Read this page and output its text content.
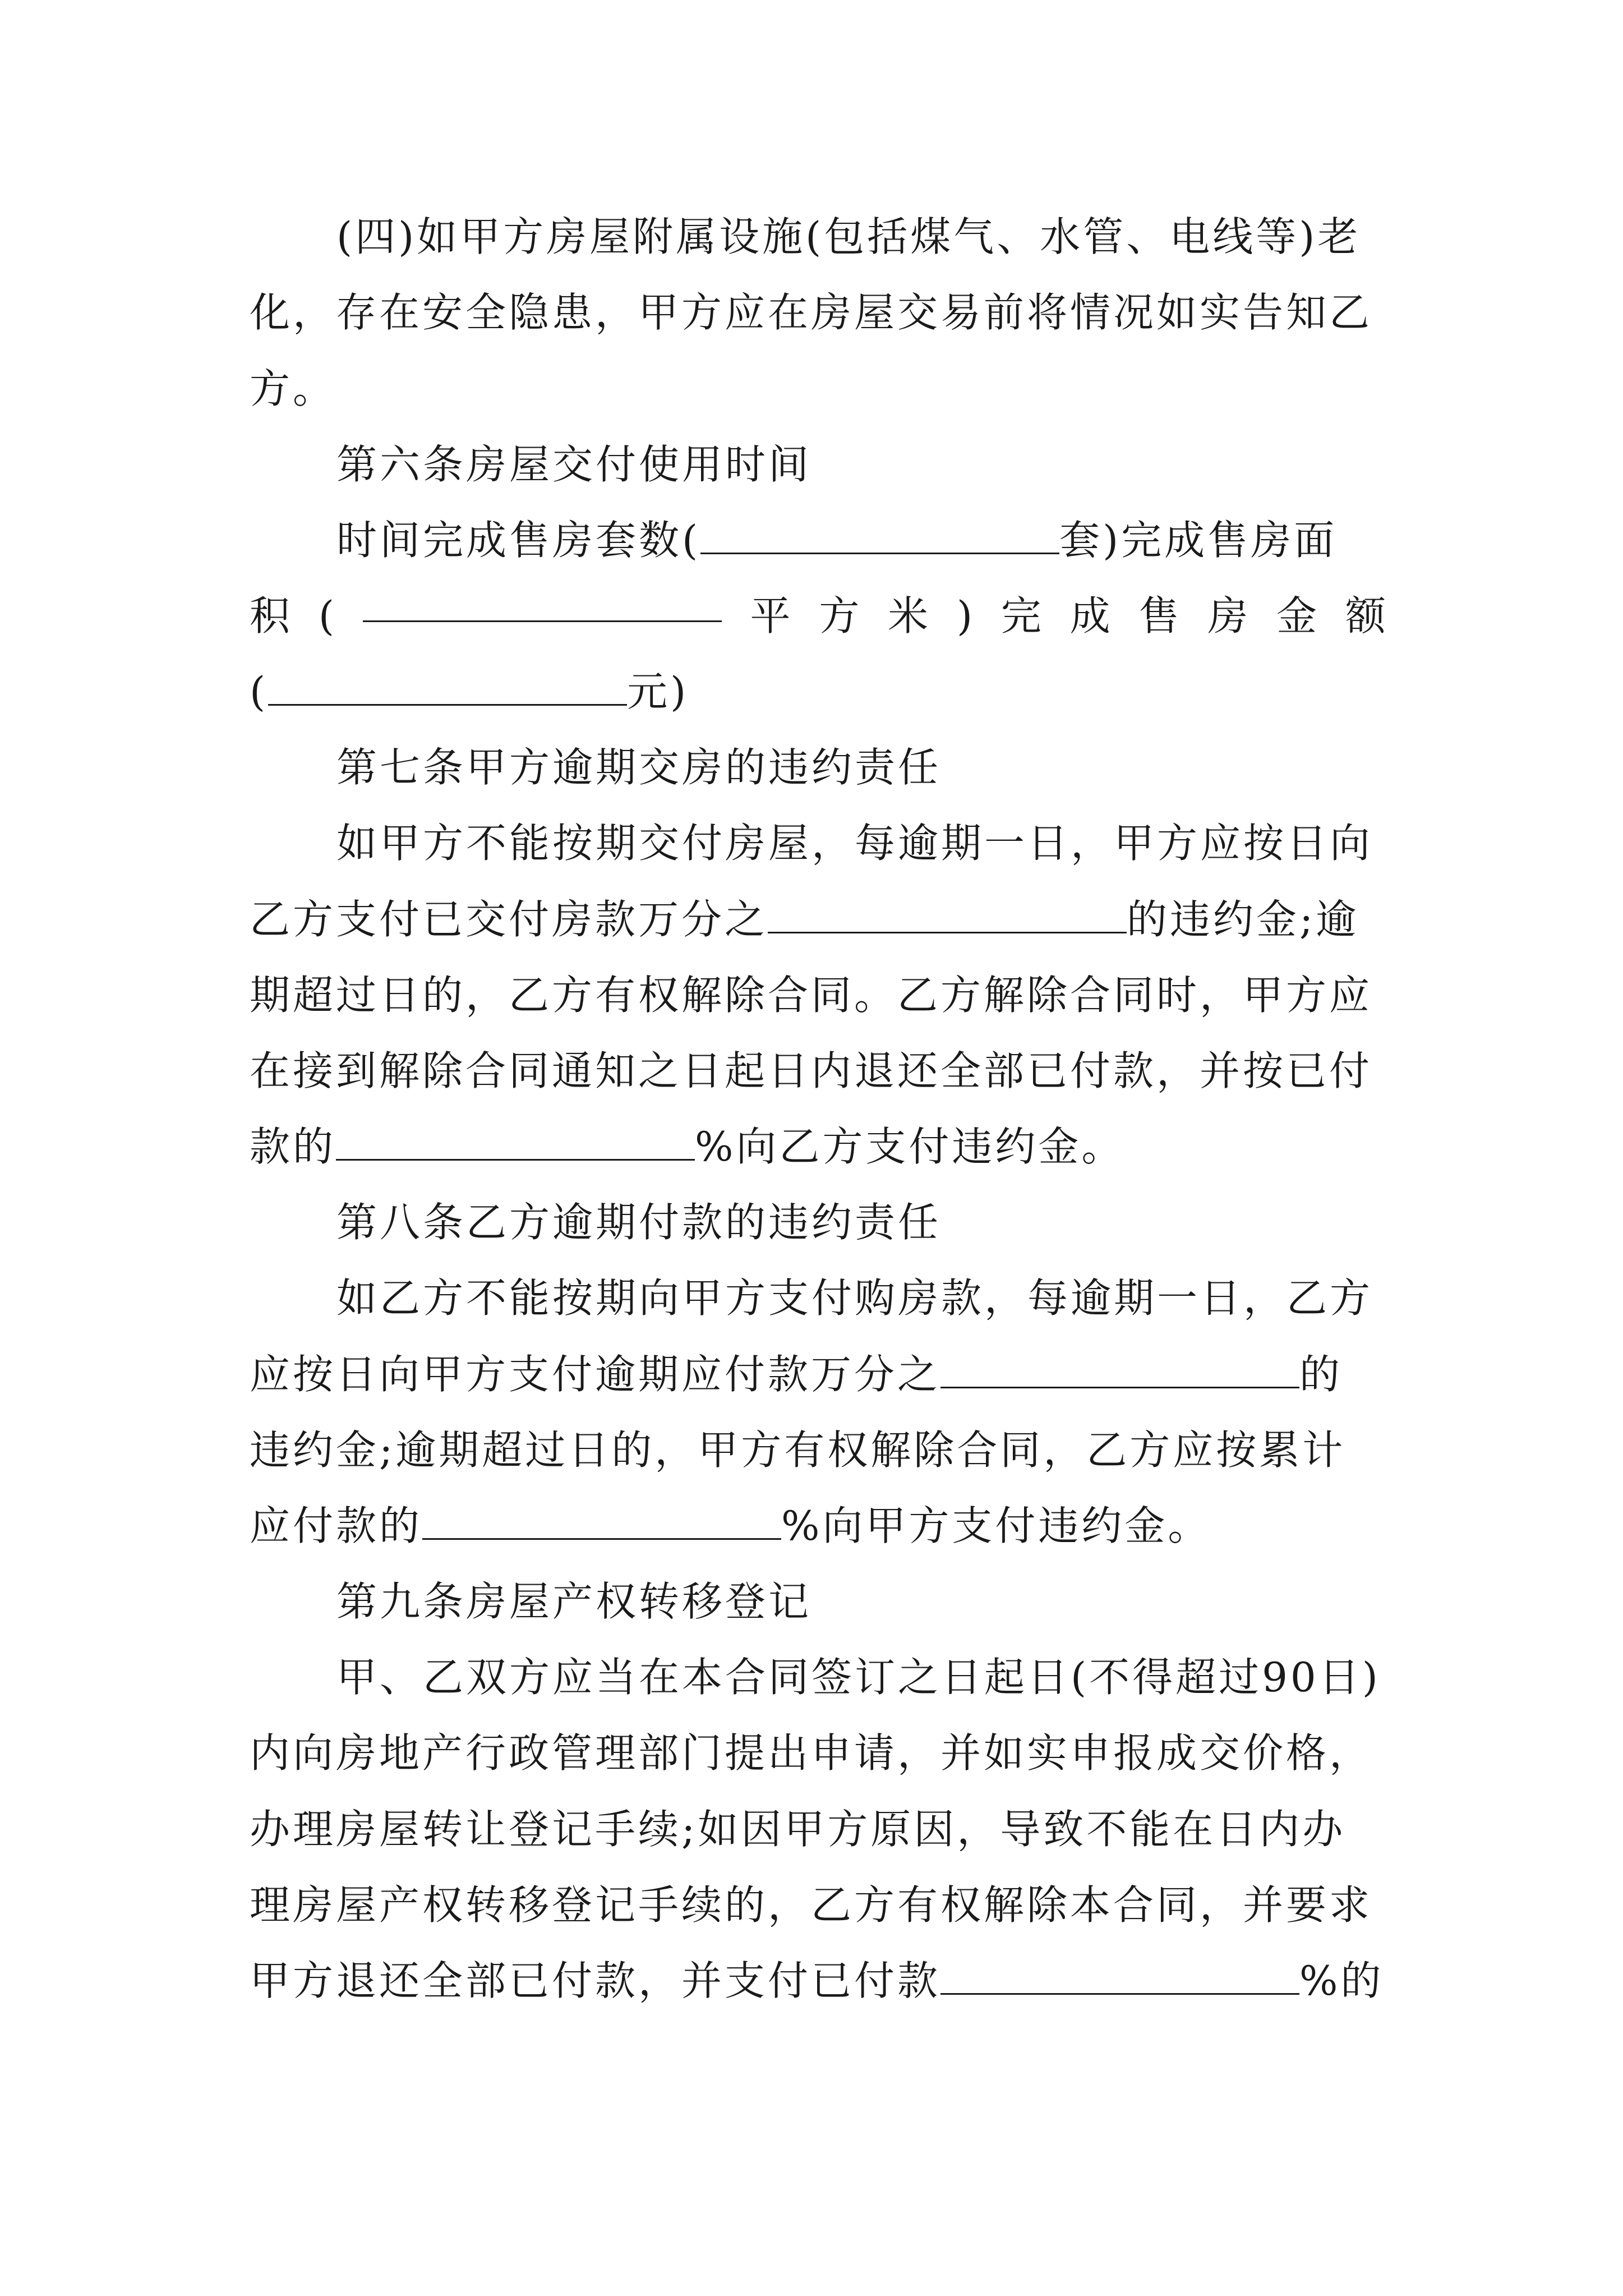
(四)如甲方房屋附属设施(包括煤气、水管、电线等)老
化，存在安全隐患，甲方应在房屋交易前将情况如实告知乙
方。
第六条房屋交付使用时间
时间完成售房套数(	套)完成售房面
积 (	平 方 米 ) 完 成 售 房 金 额
(	元)
第七条甲方逾期交房的违约责任
如甲方不能按期交付房屋，每逾期一日，甲方应按日向
乙方支付已交付房款万分之	的违约金;逾
期超过日的，乙方有权解除合同。乙方解除合同时，甲方应
在接到解除合同通知之日起日内退还全部已付款，并按已付
款的	%向乙方支付违约金。
第八条乙方逾期付款的违约责任
如乙方不能按期向甲方支付购房款，每逾期一日，乙方
应按日向甲方支付逾期应付款万分之	的
违约金;逾期超过日的，甲方有权解除合同，乙方应按累计
应付款的	%向甲方支付违约金。
第九条房屋产权转移登记
甲、乙双方应当在本合同签订之日起日(不得超过90日)
内向房地产行政管理部门提出申请，并如实申报成交价格，
办理房屋转让登记手续;如因甲方原因，导致不能在日内办
理房屋产权转移登记手续的，乙方有权解除本合同，并要求
甲方退还全部已付款，并支付已付款	%的
